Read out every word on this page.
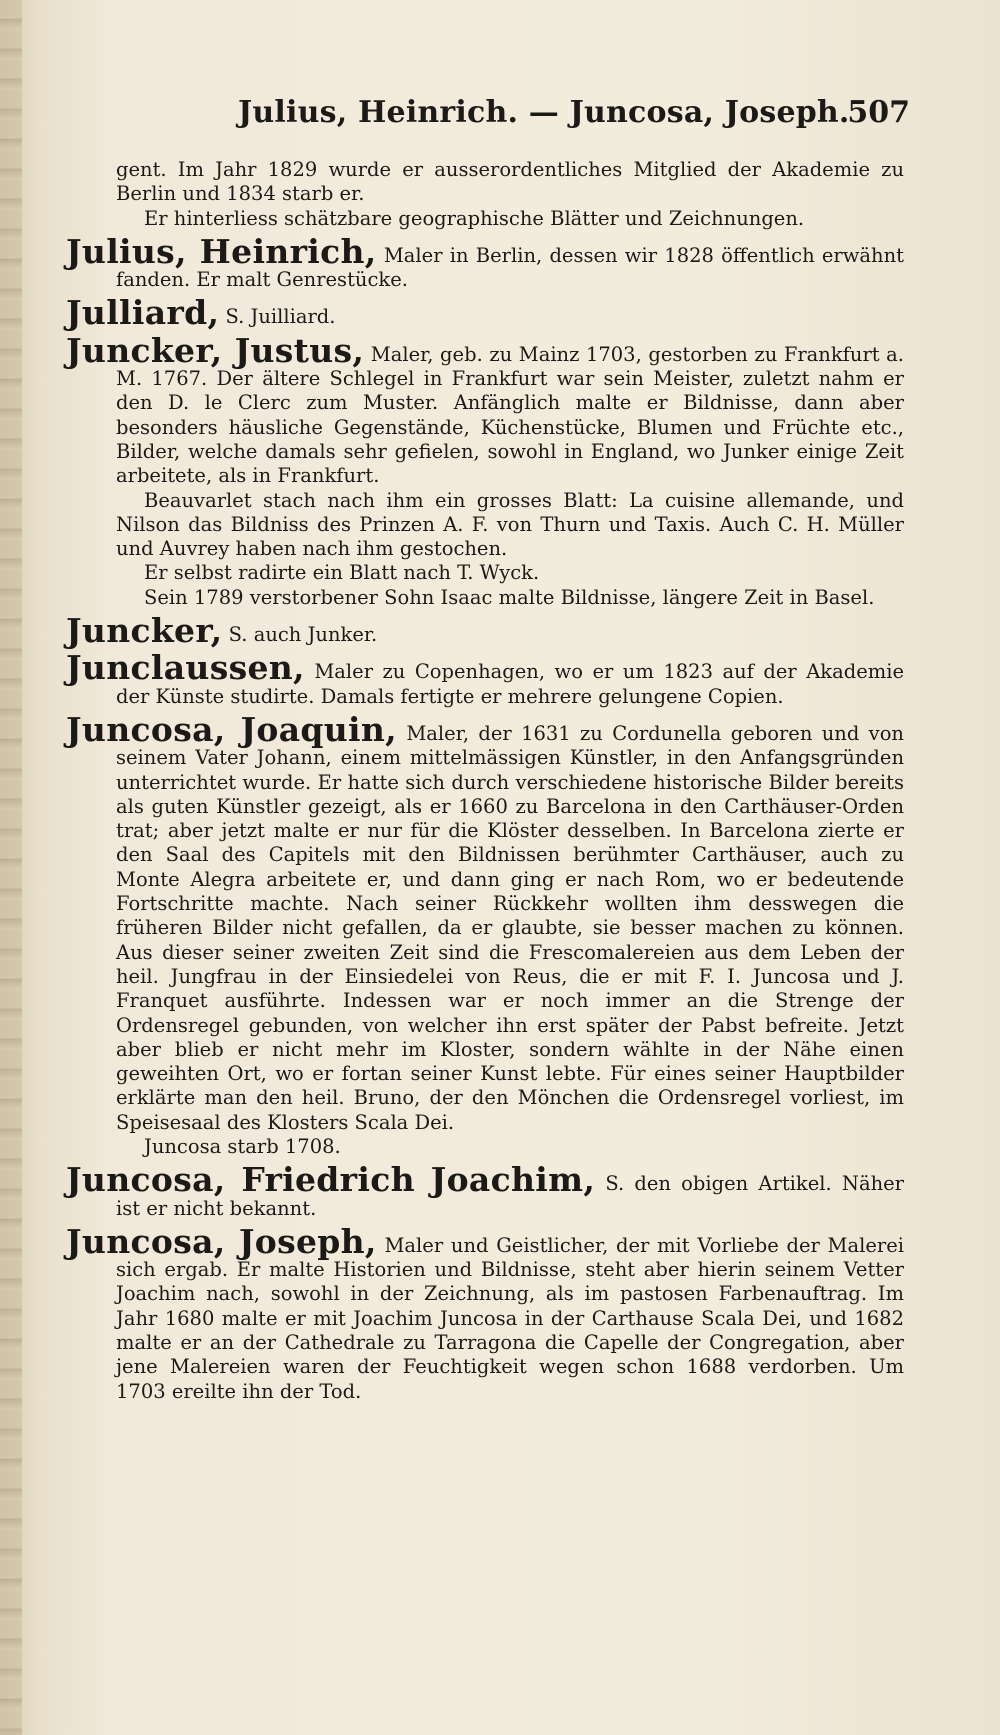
Julius, Heinrich. — Juncosa, Joseph.
507

gent. Im Jahr 1829 wurde er ausserordentliches Mitglied der Akademie zu Berlin und 1834 starb er.

Er hinterliess schätzbare geographische Blätter und Zeichnungen.

Julius, Heinrich, Maler in Berlin, dessen wir 1828 öffentlich erwähnt fanden. Er malt Genrestücke.

Julliard, S. Juilliard.

Juncker, Justus, Maler, geb. zu Mainz 1703, gestorben zu Frankfurt a. M. 1767. Der ältere Schlegel in Frankfurt war sein Meister, zuletzt nahm er den D. le Clerc zum Muster. Anfänglich malte er Bildnisse, dann aber besonders häusliche Gegenstände, Küchenstücke, Blumen und Früchte etc., Bilder, welche damals sehr gefielen, sowohl in England, wo Junker einige Zeit arbeitete, als in Frankfurt.

Beauvarlet stach nach ihm ein grosses Blatt: La cuisine allemande, und Nilson das Bildniss des Prinzen A. F. von Thurn und Taxis. Auch C. H. Müller und Auvrey haben nach ihm gestochen.

Er selbst radirte ein Blatt nach T. Wyck.

Sein 1789 verstorbener Sohn Isaac malte Bildnisse, längere Zeit in Basel.

Juncker, S. auch Junker.

Junclaussen, Maler zu Copenhagen, wo er um 1823 auf der Akademie der Künste studirte. Damals fertigte er mehrere gelungene Copien.

Juncosa, Joaquin, Maler, der 1631 zu Cordunella geboren und von seinem Vater Johann, einem mittelmässigen Künstler, in den Anfangsgründen unterrichtet wurde. Er hatte sich durch verschiedene historische Bilder bereits als guten Künstler gezeigt, als er 1660 zu Barcelona in den Carthäuser-Orden trat; aber jetzt malte er nur für die Klöster desselben. In Barcelona zierte er den Saal des Capitels mit den Bildnissen berühmter Carthäuser, auch zu Monte Alegra arbeitete er, und dann ging er nach Rom, wo er bedeutende Fortschritte machte. Nach seiner Rückkehr wollten ihm desswegen die früheren Bilder nicht gefallen, da er glaubte, sie besser machen zu können. Aus dieser seiner zweiten Zeit sind die Frescomalereien aus dem Leben der heil. Jungfrau in der Einsiedelei von Reus, die er mit F. I. Juncosa und J. Franquet ausführte. Indessen war er noch immer an die Strenge der Ordensregel gebunden, von welcher ihn erst später der Pabst befreite. Jetzt aber blieb er nicht mehr im Kloster, sondern wählte in der Nähe einen geweihten Ort, wo er fortan seiner Kunst lebte. Für eines seiner Hauptbilder erklärte man den heil. Bruno, der den Mönchen die Ordensregel vorliest, im Speisesaal des Klosters Scala Dei.

Juncosa starb 1708.

Juncosa, Friedrich Joachim, S. den obigen Artikel. Näher ist er nicht bekannt.

Juncosa, Joseph, Maler und Geistlicher, der mit Vorliebe der Malerei sich ergab. Er malte Historien und Bildnisse, steht aber hierin seinem Vetter Joachim nach, sowohl in der Zeichnung, als im pastosen Farbenauftrag. Im Jahr 1680 malte er mit Joachim Juncosa in der Carthause Scala Dei, und 1682 malte er an der Cathedrale zu Tarragona die Capelle der Congregation, aber jene Malereien waren der Feuchtigkeit wegen schon 1688 verdorben. Um 1703 ereilte ihn der Tod.
